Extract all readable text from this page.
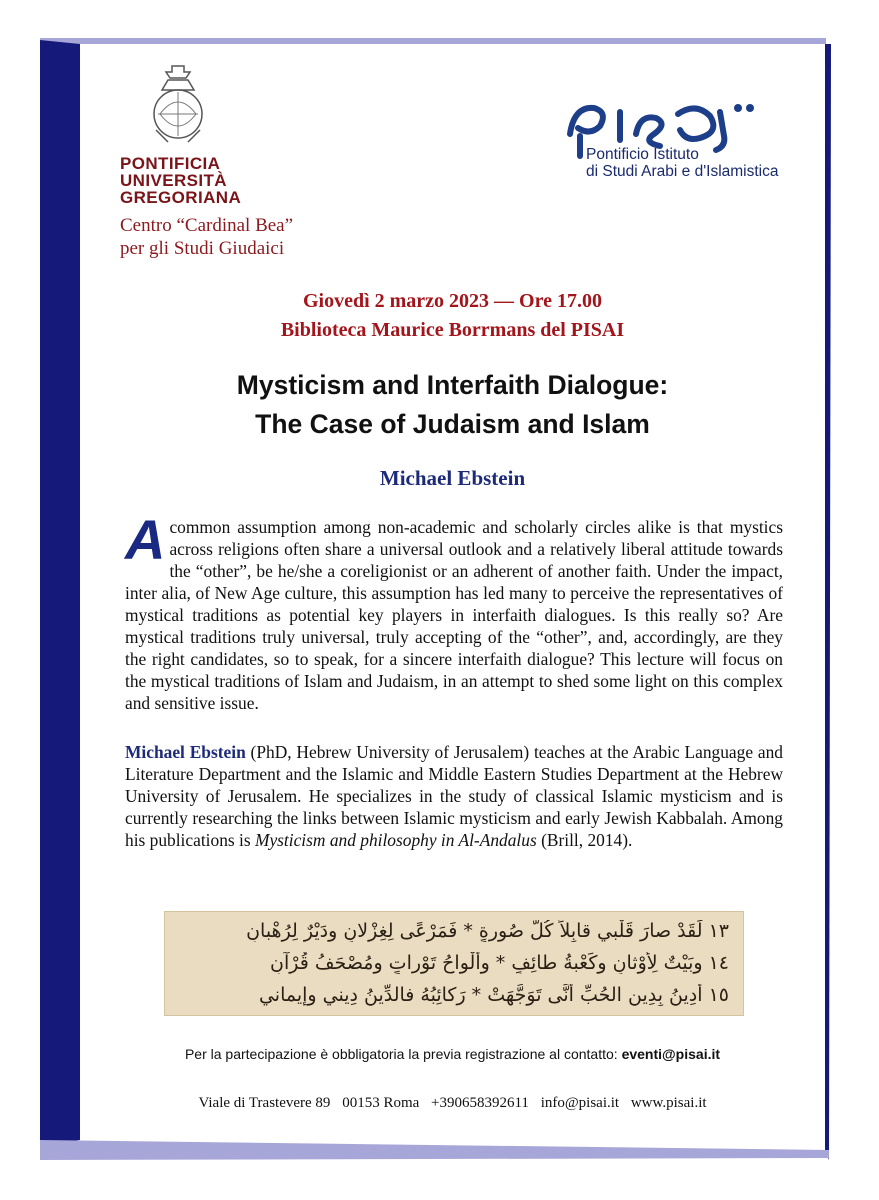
PONTIFICIA
UNIVERSITÀ
GREGORIANA
Centro “Cardinal Bea”
per gli Studi Giudaici
Pontificio Istituto
di Studi Arabi e d'Islamistica
Giovedì 2 marzo 2023 — Ore 17.00
Biblioteca Maurice Borrmans del PISAI
Mysticism and Interfaith Dialogue:
The Case of Judaism and Islam
Michael Ebstein
A common assumption among non-academic and scholarly circles alike is that mystics across religions often share a universal outlook and a relatively liberal attitude towards the “other”, be he/she a coreligionist or an adherent of another faith. Under the impact, inter alia, of New Age culture, this assumption has led many to perceive the representatives of mystical traditions as potential key players in interfaith dialogues. Is this really so? Are mystical traditions truly universal, truly accepting of the “other”, and, accordingly, are they the right candidates, so to speak, for a sincere interfaith dialogue? This lecture will focus on the mystical traditions of Islam and Judaism, in an attempt to shed some light on this complex and sensitive issue.
Michael Ebstein (PhD, Hebrew University of Jerusalem) teaches at the Arabic Language and Literature Department and the Islamic and Middle Eastern Studies Department at the Hebrew University of Jerusalem. He specializes in the study of classical Islamic mysticism and is currently researching the links between Islamic mysticism and early Jewish Kabbalah. Among his publications is Mysticism and philosophy in Al-Andalus (Brill, 2014).
١٣ لَقَدْ صارَ قَلْبي قابِلاً كُلَّ صُورةٍ * فَمَرْعًى لِغِزْلانٍ ودَيْرٌ لِرُهْبانِ
١٤ وبَيْتٌ لِأَوْثانٍ وكَعْبةُ طائِفٍ * وأَلْواحُ تَوْراتٍ ومُصْحَفُ قُرْآنِ
١٥ أَدِينُ بِدِينِ الحُبِّ أَنَّى تَوَجَّهَتْ * رَكائِبُهُ فالدِّينُ دِيني وإيماني
Per la partecipazione è obbligatoria la previa registrazione al contatto: eventi@pisai.it
Viale di Trastevere 89 00153 Roma +390658392611 info@pisai.it www.pisai.it
